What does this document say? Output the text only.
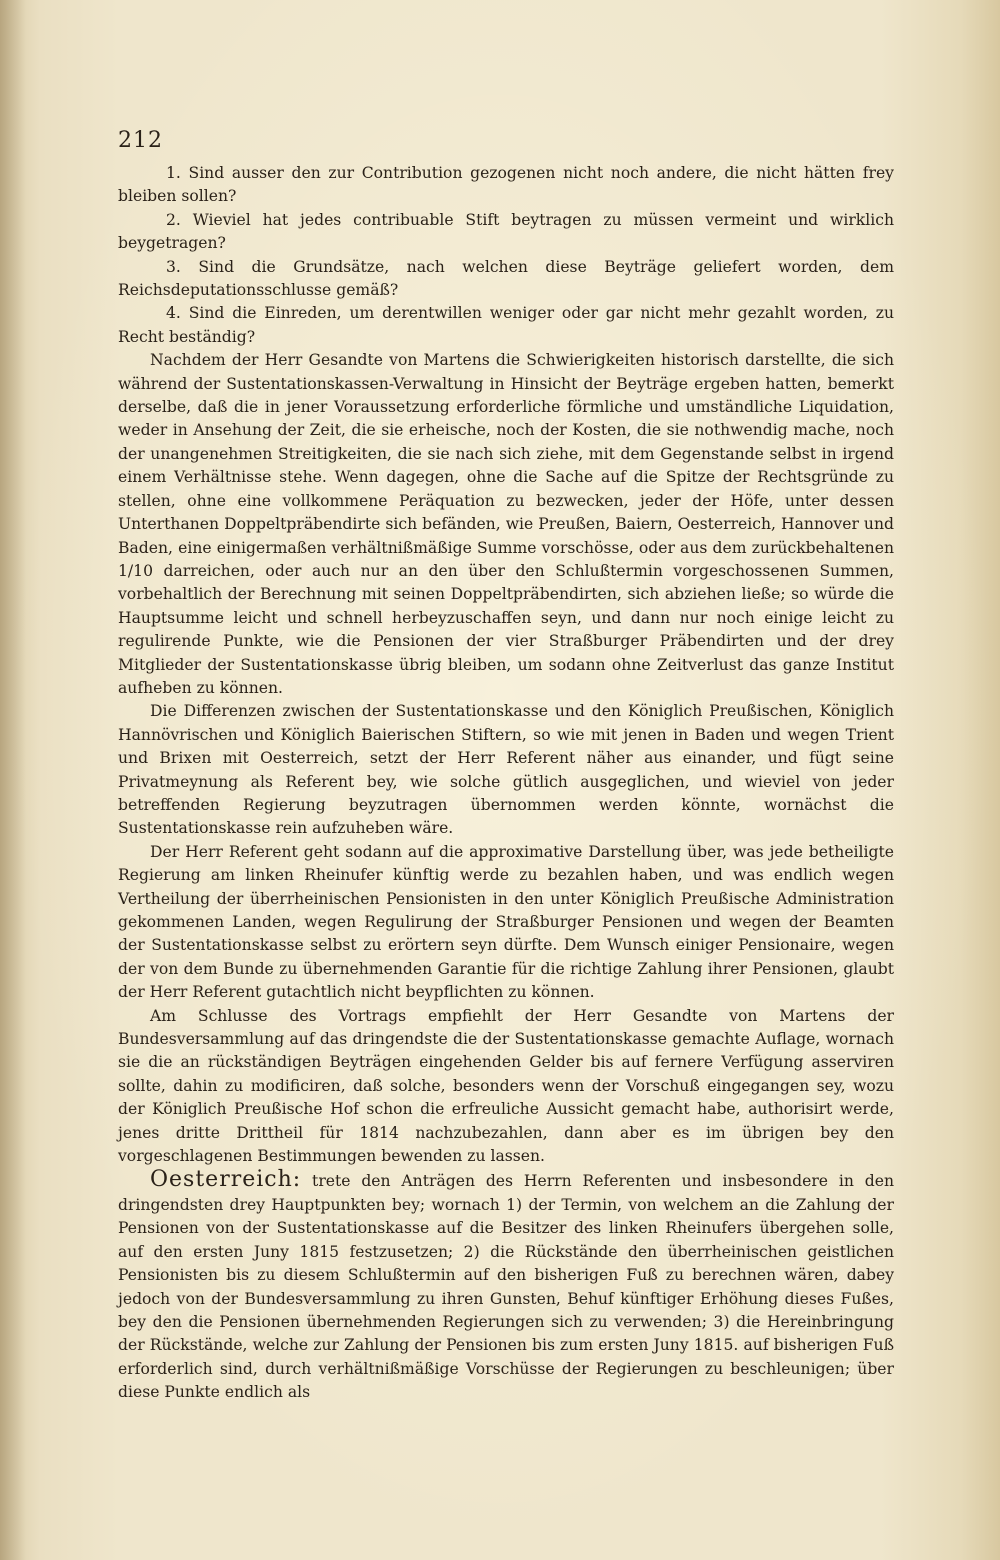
212

1. Sind ausser den zur Contribution gezogenen nicht noch andere, die nicht hätten frey bleiben sollen?

2. Wieviel hat jedes contribuable Stift beytragen zu müssen vermeint und wirklich beygetragen?

3. Sind die Grundsätze, nach welchen diese Beyträge geliefert worden, dem Reichsdeputationsschlusse gemäß?

4. Sind die Einreden, um derentwillen weniger oder gar nicht mehr gezahlt worden, zu Recht beständig?

Nachdem der Herr Gesandte von Martens die Schwierigkeiten historisch darstellte, die sich während der Sustentationskassen-Verwaltung in Hinsicht der Beyträge ergeben hatten, bemerkt derselbe, daß die in jener Voraussetzung erforderliche förmliche und umständliche Liquidation, weder in Ansehung der Zeit, die sie erheische, noch der Kosten, die sie nothwendig mache, noch der unangenehmen Streitigkeiten, die sie nach sich ziehe, mit dem Gegenstande selbst in irgend einem Verhältnisse stehe. Wenn dagegen, ohne die Sache auf die Spitze der Rechtsgründe zu stellen, ohne eine vollkommene Peräquation zu bezwecken, jeder der Höfe, unter dessen Unterthanen Doppeltpräbendirte sich befänden, wie Preußen, Baiern, Oesterreich, Hannover und Baden, eine einigermaßen verhältnißmäßige Summe vorschösse, oder aus dem zurückbehaltenen 1/10 darreichen, oder auch nur an den über den Schlußtermin vorgeschossenen Summen, vorbehaltlich der Berechnung mit seinen Doppeltpräbendirten, sich abziehen ließe; so würde die Hauptsumme leicht und schnell herbeyzuschaffen seyn, und dann nur noch einige leicht zu regulirende Punkte, wie die Pensionen der vier Straßburger Präbendirten und der drey Mitglieder der Sustentationskasse übrig bleiben, um sodann ohne Zeitverlust das ganze Institut aufheben zu können.

Die Differenzen zwischen der Sustentationskasse und den Königlich Preußischen, Königlich Hannövrischen und Königlich Baierischen Stiftern, so wie mit jenen in Baden und wegen Trient und Brixen mit Oesterreich, setzt der Herr Referent näher aus einander, und fügt seine Privatmeynung als Referent bey, wie solche gütlich ausgeglichen, und wieviel von jeder betreffenden Regierung beyzutragen übernommen werden könnte, wornächst die Sustentationskasse rein aufzuheben wäre.

Der Herr Referent geht sodann auf die approximative Darstellung über, was jede betheiligte Regierung am linken Rheinufer künftig werde zu bezahlen haben, und was endlich wegen Vertheilung der überrheinischen Pensionisten in den unter Königlich Preußische Administration gekommenen Landen, wegen Regulirung der Straßburger Pensionen und wegen der Beamten der Sustentationskasse selbst zu erörtern seyn dürfte. Dem Wunsch einiger Pensionaire, wegen der von dem Bunde zu übernehmenden Garantie für die richtige Zahlung ihrer Pensionen, glaubt der Herr Referent gutachtlich nicht beypflichten zu können.

Am Schlusse des Vortrags empfiehlt der Herr Gesandte von Martens der Bundesversammlung auf das dringendste die der Sustentationskasse gemachte Auflage, wornach sie die an rückständigen Beyträgen eingehenden Gelder bis auf fernere Verfügung asserviren sollte, dahin zu modificiren, daß solche, besonders wenn der Vorschuß eingegangen sey, wozu der Königlich Preußische Hof schon die erfreuliche Aussicht gemacht habe, authorisirt werde, jenes dritte Drittheil für 1814 nachzubezahlen, dann aber es im übrigen bey den vorgeschlagenen Bestimmungen bewenden zu lassen.

Oesterreich: trete den Anträgen des Herrn Referenten und insbesondere in den dringendsten drey Hauptpunkten bey; wornach 1) der Termin, von welchem an die Zahlung der Pensionen von der Sustentationskasse auf die Besitzer des linken Rheinufers übergehen solle, auf den ersten Juny 1815 festzusetzen; 2) die Rückstände den überrheinischen geistlichen Pensionisten bis zu diesem Schlußtermin auf den bisherigen Fuß zu berechnen wären, dabey jedoch von der Bundesversammlung zu ihren Gunsten, Behuf künftiger Erhöhung dieses Fußes, bey den die Pensionen übernehmenden Regierungen sich zu verwenden; 3) die Hereinbringung der Rückstände, welche zur Zahlung der Pensionen bis zum ersten Juny 1815. auf bisherigen Fuß erforderlich sind, durch verhältnißmäßige Vorschüsse der Regierungen zu beschleunigen; über diese Punkte endlich als
